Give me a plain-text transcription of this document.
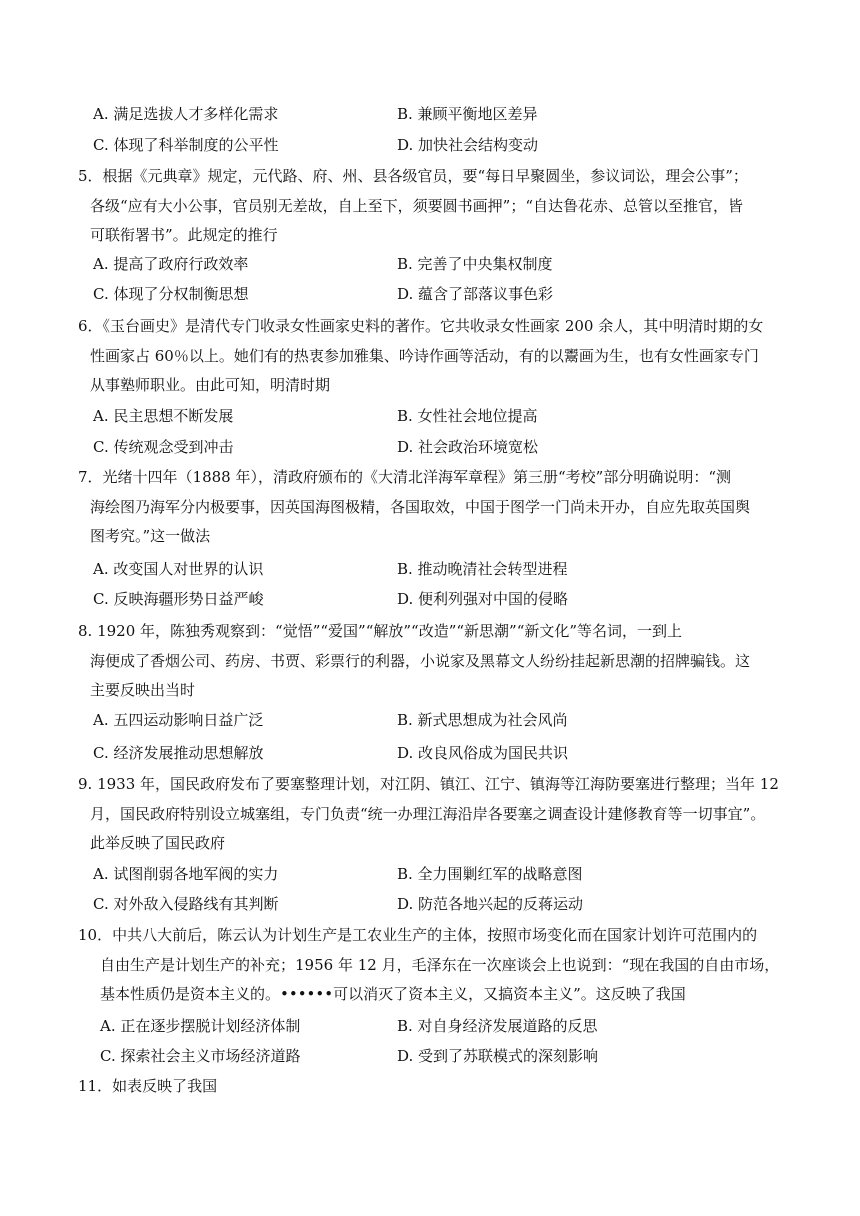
A. 满足选拔人才多样化需求	B. 兼顾平衡地区差异
C. 体现了科举制度的公平性	D. 加快社会结构变动
5．根据《元典章》规定，元代路、府、州、县各级官员，要“每日早聚圆坐，参议词讼，理会公事”；
各级“应有大小公事，官员别无差故，自上至下，须要圆书画押”；“自达鲁花赤、总管以至推官，皆
可联衔署书”。此规定的推行
A. 提高了政府行政效率	B. 完善了中央集权制度
C. 体现了分权制衡思想	D. 蕴含了部落议事色彩
6．《玉台画史》是清代专门收录女性画家史料的著作。它共收录女性画家 200 余人，其中明清时期的女
性画家占 60％以上。她们有的热衷参加雅集、吟诗作画等活动，有的以鬻画为生，也有女性画家专门
从事塾师职业。由此可知，明清时期
A. 民主思想不断发展	B. 女性社会地位提高
C. 传统观念受到冲击	D. 社会政治环境宽松
7．光绪十四年（1888 年），清政府颁布的《大清北洋海军章程》第三册“考校”部分明确说明：“测
海绘图乃海军分内极要事，因英国海图极精，各国取效，中国于图学一门尚未开办，自应先取英国舆
图考究。”这一做法
A. 改变国人对世界的认识	B. 推动晚清社会转型进程
C. 反映海疆形势日益严峻	D. 便利列强对中国的侵略
8. 1920 年，陈独秀观察到：“觉悟”“爱国”“解放”“改造”“新思潮”“新文化”等名词，一到上
海便成了香烟公司、药房、书贾、彩票行的利器，小说家及黑幕文人纷纷挂起新思潮的招牌骗钱。这
主要反映出当时
A. 五四运动影响日益广泛	B. 新式思想成为社会风尚
C. 经济发展推动思想解放	D. 改良风俗成为国民共识
9. 1933 年，国民政府发布了要塞整理计划，对江阴、镇江、江宁、镇海等江海防要塞进行整理；当年 12
月，国民政府特别设立城塞组，专门负责“统一办理江海沿岸各要塞之调查设计建修教育等一切事宜”。
此举反映了国民政府
A. 试图削弱各地军阀的实力	B. 全力围剿红军的战略意图
C. 对外敌入侵路线有其判断	D. 防范各地兴起的反蒋运动
10．中共八大前后，陈云认为计划生产是工农业生产的主体，按照市场变化而在国家计划许可范围内的
自由生产是计划生产的补充；1956 年 12 月，毛泽东在一次座谈会上也说到：“现在我国的自由市场，
基本性质仍是资本主义的。••••••可以消灭了资本主义，又搞资本主义”。这反映了我国
A. 正在逐步摆脱计划经济体制	B. 对自身经济发展道路的反思
C. 探索社会主义市场经济道路	D. 受到了苏联模式的深刻影响
11．如表反映了我国
